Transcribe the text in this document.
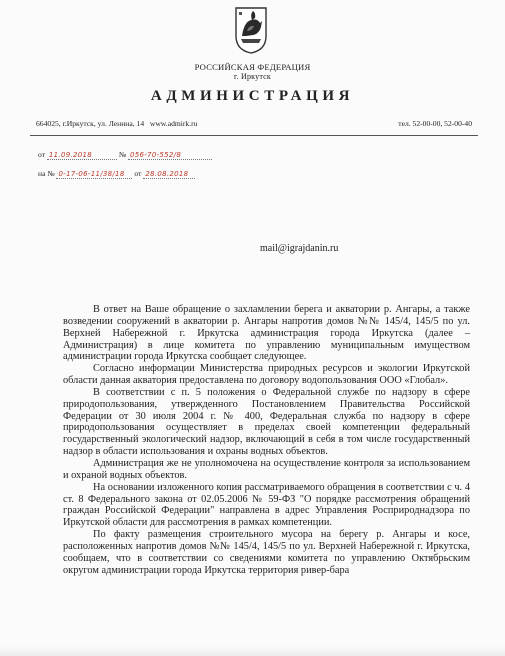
РОССИЙСКАЯ ФЕДЕРАЦИЯ
г. Иркутск
АДМИНИСТРАЦИЯ
664025, г.Иркутск, ул. Ленина, 14 www.admirk.ru	тел. 52-00-00, 52-00-40
от 11.09.2018	№ 056-70-552/8
на № 0-17-06-11/38/18 от 28.08.2018
mail@igrajdanin.ru

В ответ на Ваше обращение о захламлении берега и акватории р. Ангары, а также возведении сооружений в акватории р. Ангары напротив домов №№ 145/4, 145/5 по ул. Верхней Набережной г. Иркутска администрация города Иркутска (далее – Администрация) в лице комитета по управлению муниципальным имуществом администрации города Иркутска сообщает следующее.

Согласно информации Министерства природных ресурсов и экологии Иркутской области данная акватория предоставлена по договору водопользования ООО «Глобал».

В соответствии с п. 5 положения о Федеральной службе по надзору в сфере природопользования, утвержденного Постановлением Правительства Российской Федерации от 30 июля 2004 г. № 400, Федеральная служба по надзору в сфере природопользования осуществляет в пределах своей компетенции федеральный государственный экологический надзор, включающий в себя в том числе государственный надзор в области использования и охраны водных объектов.

Администрация же не уполномочена на осуществление контроля за использованием и охраной водных объектов.

На основании изложенного копия рассматриваемого обращения в соответствии с ч. 4 ст. 8 Федерального закона от 02.05.2006 № 59-ФЗ "О порядке рассмотрения обращений граждан Российской Федерации" направлена в адрес Управления Росприроднадзора по Иркутской области для рассмотрения в рамках компетенции.

По факту размещения строительного мусора на берегу р. Ангары и косе, расположенных напротив домов №№ 145/4, 145/5 по ул. Верхней Набережной г. Иркутска, сообщаем, что в соответствии со сведениями комитета по управлению Октябрьским округом администрации города Иркутска территория ривер-бара
